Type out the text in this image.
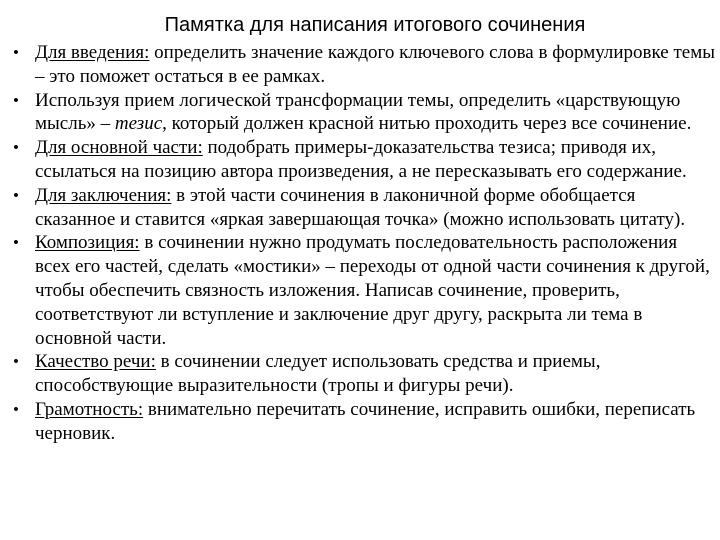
Памятка для написания итогового сочинения
• Для введения: определить значение каждого ключевого слова в формулировке темы – это поможет остаться в ее рамках.
• Используя прием логической трансформации темы, определить «царствующую мысль» – тезис, который должен красной нитью проходить через все сочинение.
• Для основной части: подобрать примеры-доказательства тезиса; приводя их, ссылаться на позицию автора произведения, а не пересказывать его содержание.
• Для заключения: в этой части сочинения в лаконичной форме обобщается сказанное и ставится «яркая завершающая точка» (можно использовать цитату).
• Композиция: в сочинении нужно продумать последовательность расположения всех его частей, сделать «мостики» – переходы от одной части сочинения к другой, чтобы обеспечить связность изложения. Написав сочинение, проверить, соответствуют ли вступление и заключение друг другу, раскрыта ли тема в основной части.
• Качество речи: в сочинении следует использовать средства и приемы, способствующие выразительности (тропы и фигуры речи).
• Грамотность: внимательно перечитать сочинение, исправить ошибки, переписать черновик.
